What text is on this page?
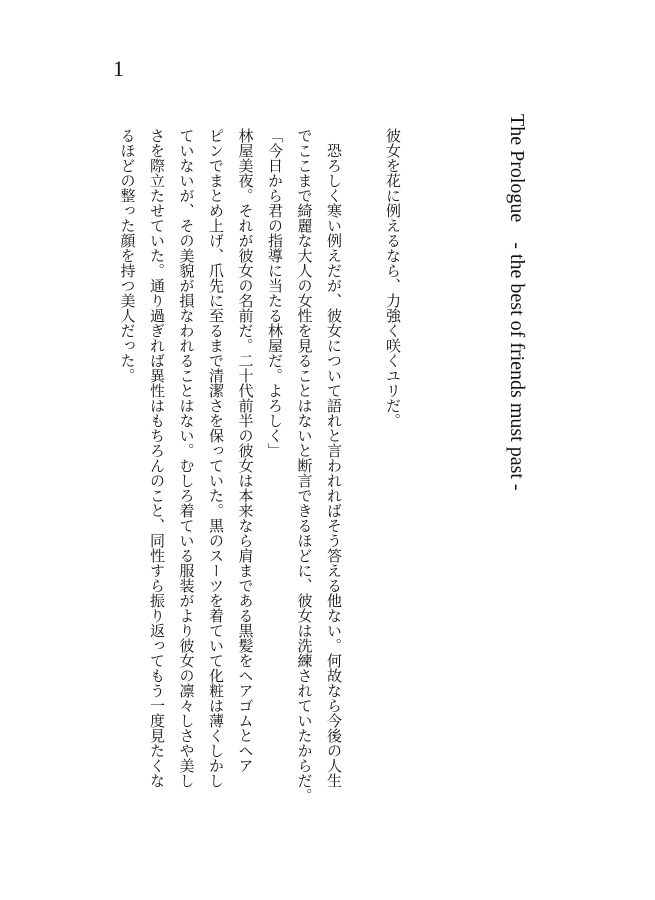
1
The Prologue　- the best of friends must past -
彼女を花に例えるなら、力強く咲くユリだ。

　恐ろしく寒い例えだが、彼女について語れと言われればそう答える他ない。何故なら今後の人生
でここまで綺麗な大人の女性を見ることはないと断言できるほどに、彼女は洗練されていたからだ。
「今日から君の指導に当たる林屋だ。よろしく」
林屋美夜。それが彼女の名前だ。二十代前半の彼女は本来なら肩まである黒髪をヘアゴムとヘア
ピンでまとめ上げ、爪先に至るまで清潔さを保っていた。黒のスーツを着ていて化粧は薄くしかし
ていないが、その美貌が損なわれることはない。むしろ着ている服装がより彼女の凛々しさや美し
さを際立たせていた。通り過ぎれば異性はもちろんのこと、同性すら振り返ってもう一度見たくな
るほどの整った顔を持つ美人だった。
